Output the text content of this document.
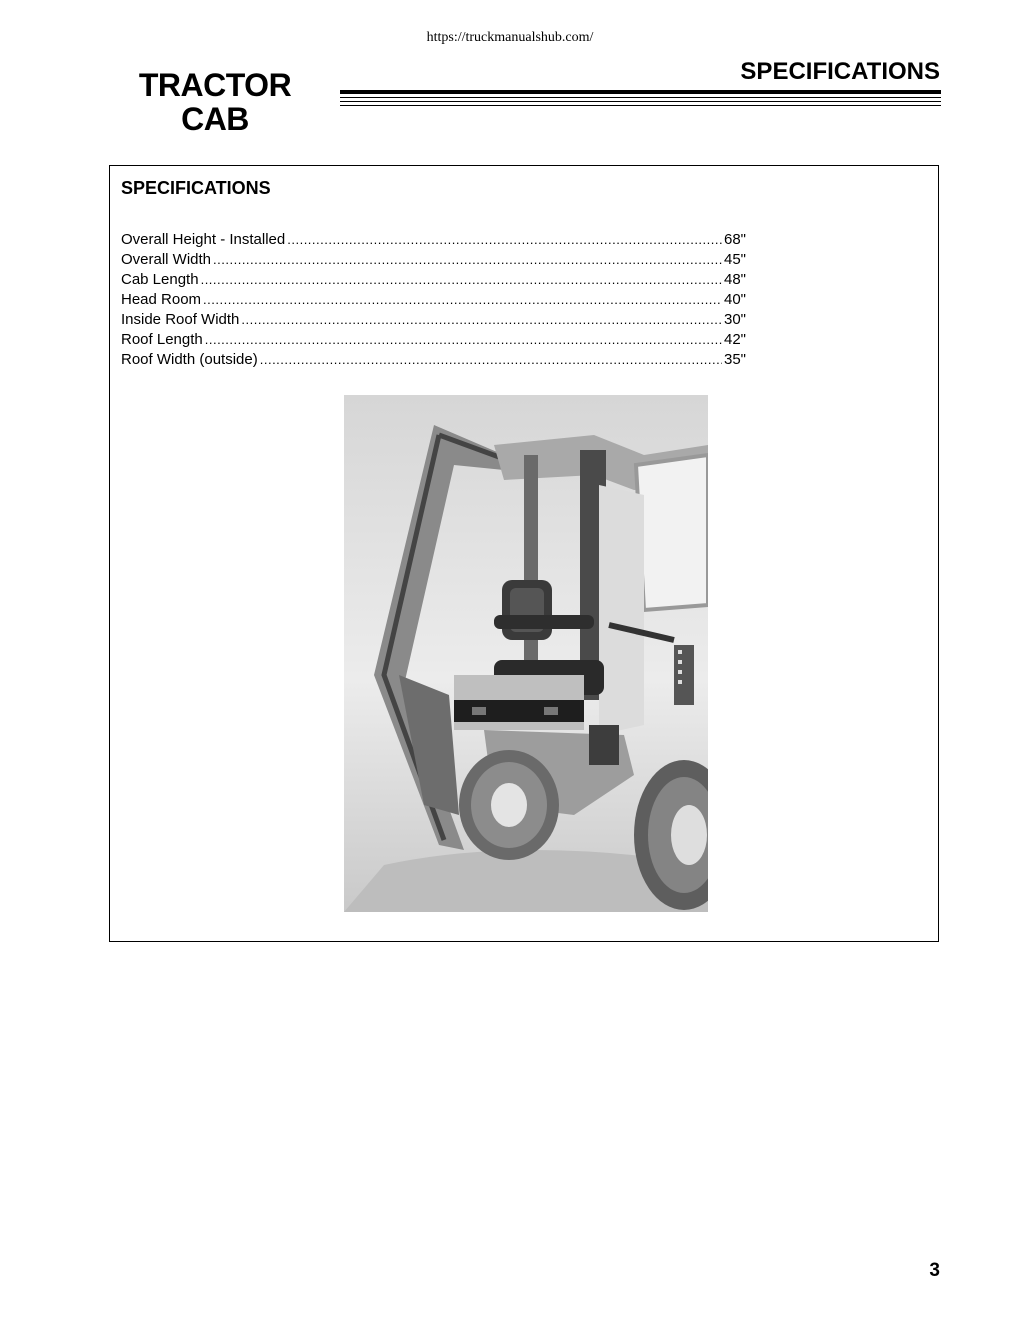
https://truckmanualshub.com/
TRACTOR
CAB
SPECIFICATIONS
SPECIFICATIONS
Overall Height - Installed .....	68"
Overall Width .....	45"
Cab Length .....	48"
Head Room .....	40"
Inside Roof Width .....	30"
Roof Length .....	42"
Roof Width (outside) .....	35"
3
